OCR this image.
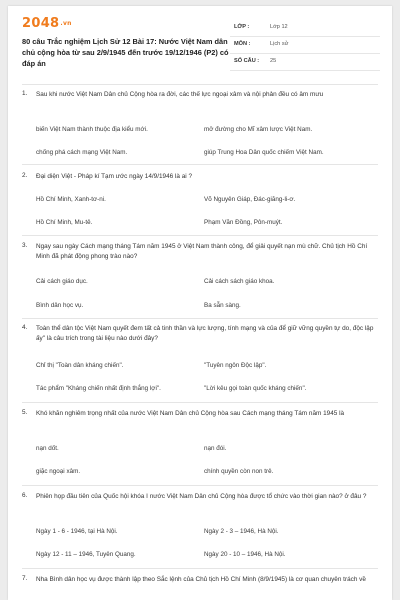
2048.vn
80 câu Trắc nghiệm Lịch Sử 12 Bài 17: Nước Việt Nam dân chủ cộng hòa từ sau 2/9/1945 đến trước 19/12/1946 (P2) có đáp án
LỚP :	Lớp 12
MÔN :	Lịch sử
SỐ CÂU : 25
1. Sau khi nước Việt Nam Dân chủ Cộng hòa ra đời, các thế lực ngoại xâm và nội phản đều có âm mưu
biến Việt Nam thành thuộc địa kiểu mới.	mở đường cho Mĩ xâm lược Việt Nam.
chống phá cách mạng Việt Nam.	giúp Trung Hoa Dân quốc chiếm Việt Nam.
2. Đại diện Việt - Pháp kí Tạm ước ngày 14/9/1946 là ai ?
Hồ Chí Minh, Xanh-tơ-ni.	Võ Nguyên Giáp, Đác-giăng-li-ơ.
Hồ Chí Minh, Mu-tê.	Phạm Văn Đồng, Pôn-muýt.
3. Ngay sau ngày Cách mạng tháng Tám năm 1945 ở Việt Nam thành công, để giải quyết nạn mù chữ. Chủ tịch Hồ Chí Minh đã phát động phong trào nào?
Cải cách giáo dục.	Cải cách sách giáo khoa.
Bình dân học vụ.	Ba sẵn sàng.
4. Toàn thể dân tộc Việt Nam quyết đem tất cả tinh thần và lực lượng, tính mạng và của để giữ vững quyền tự do, độc lập ấy" là câu trích trong tài liệu nào dưới đây?
Chỉ thị "Toàn dân kháng chiến".	"Tuyên ngôn Độc lập".
Tác phẩm "Kháng chiến nhất định thắng lợi".	"Lời kêu gọi toàn quốc kháng chiến".
5. Khó khăn nghiêm trọng nhất của nước Việt Nam Dân chủ Cộng hòa sau Cách mạng tháng Tám năm 1945 là
nạn dốt.	nạn đói.
giặc ngoại xâm.	chính quyền còn non trẻ.
6. Phiên họp đầu tiên của Quốc hội khóa I nước Việt Nam Dân chủ Cộng hòa được tổ chức vào thời gian nào? ở đâu ?
Ngày 1 - 6 - 1946, tại Hà Nội.	Ngày 2 - 3 – 1946, Hà Nội.
Ngày 12 - 11 – 1946, Tuyên Quang.	Ngày 20 - 10 – 1946, Hà Nội.
7. Nha Bình dân học vụ được thành lập theo Sắc lệnh của Chủ tịch Hồ Chí Minh (8/9/1945) là cơ quan chuyên trách về
